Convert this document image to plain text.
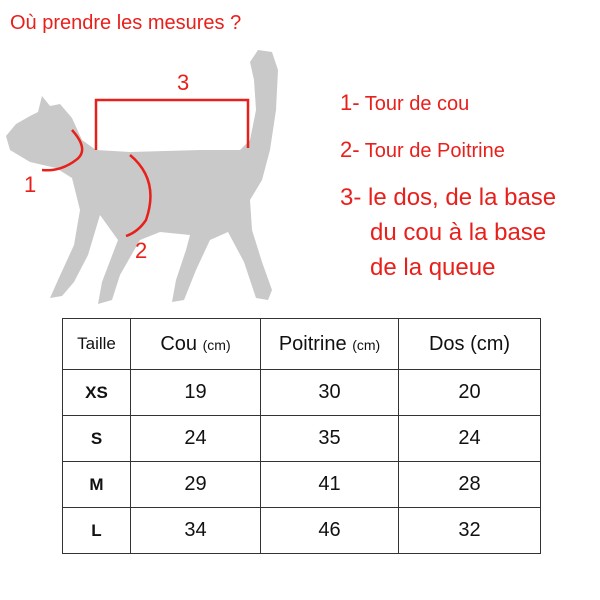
Où prendre les mesures ?
3
1
2
1- Tour de cou
2- Tour de Poitrine
3- le dos, de la base
du cou à la base
de la queue
Taille	Cou (cm)	Poitrine (cm)	Dos (cm)
XS	19	30	20
S	24	35	24
M	29	41	28
L	34	46	32
